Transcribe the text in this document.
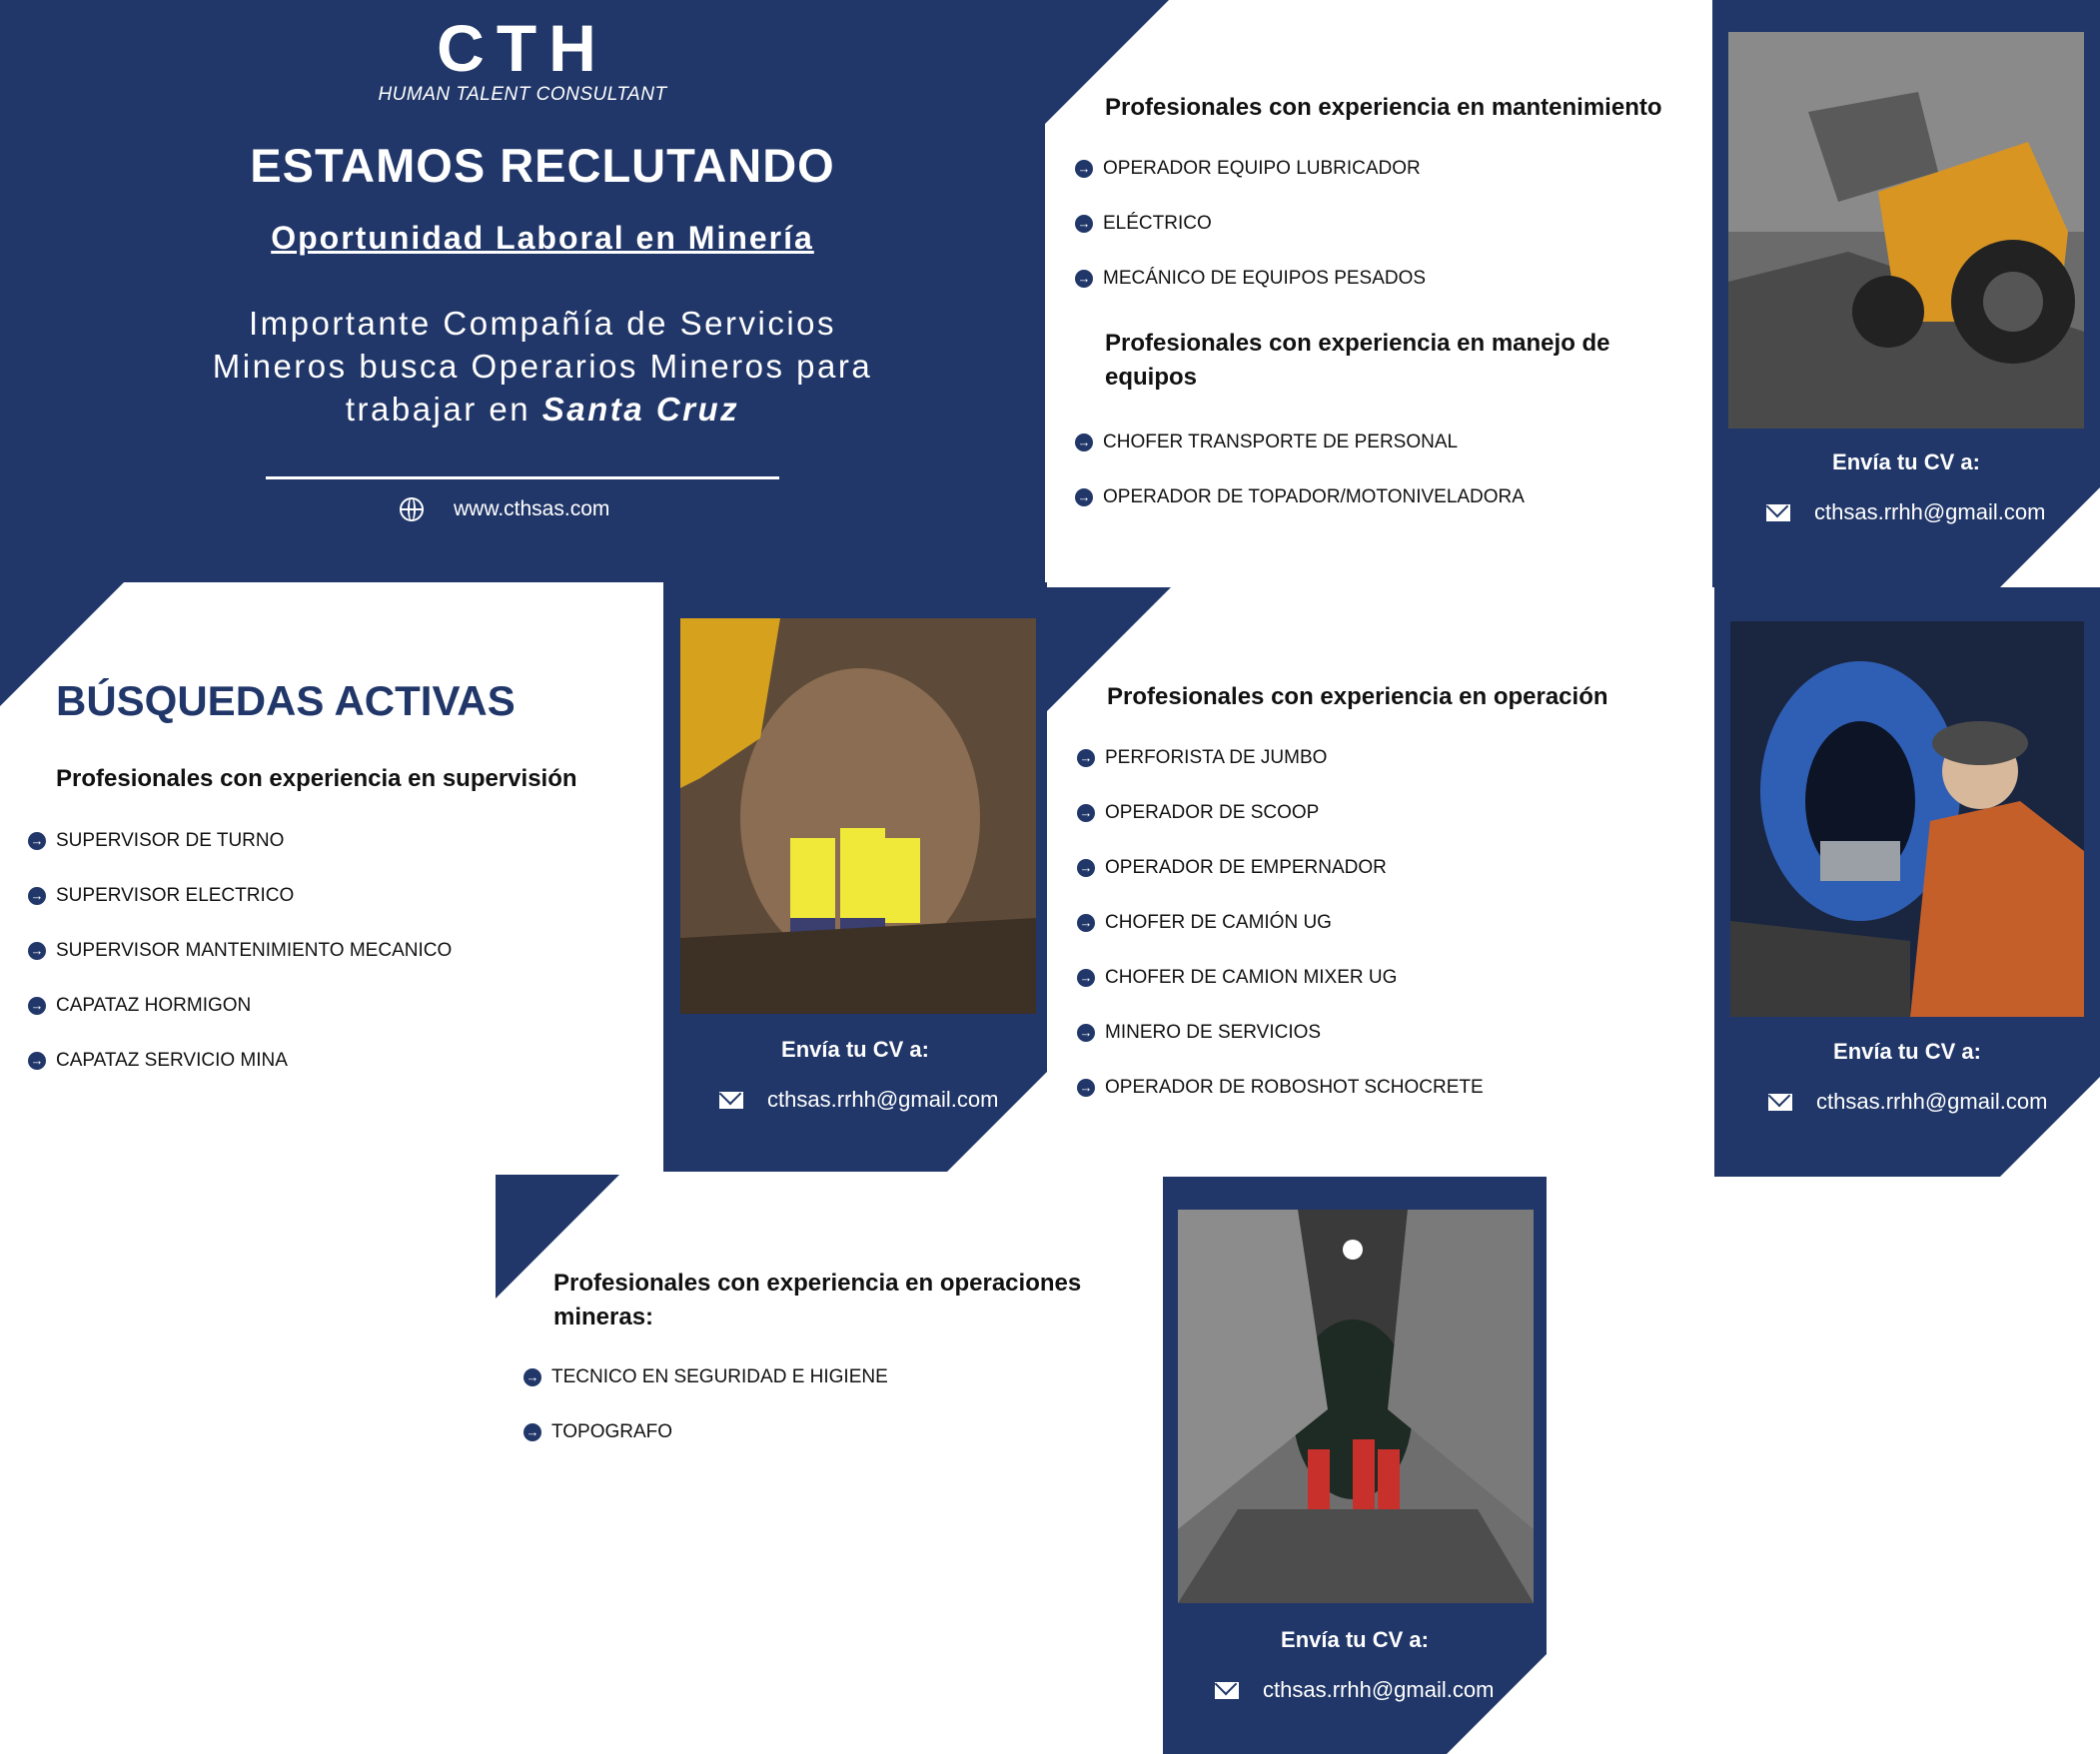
CTH
HUMAN TALENT CONSULTANT
ESTAMOS RECLUTANDO
Oportunidad Laboral en Minería
Importante Compañía de Servicios Mineros busca Operarios Mineros para trabajar en Santa Cruz
www.cthsas.com
Profesionales con experiencia en mantenimiento
→ OPERADOR EQUIPO LUBRICADOR
→ ELÉCTRICO
→ MECÁNICO DE EQUIPOS PESADOS
Profesionales con experiencia en manejo de equipos
→ CHOFER TRANSPORTE DE PERSONAL
→ OPERADOR DE TOPADOR/MOTONIVELADORA
Envía tu CV a:
cthsas.rrhh@gmail.com
BÚSQUEDAS ACTIVAS
Profesionales con experiencia en supervisión
→ SUPERVISOR DE TURNO
→ SUPERVISOR ELECTRICO
→ SUPERVISOR MANTENIMIENTO MECANICO
→ CAPATAZ HORMIGON
→ CAPATAZ SERVICIO MINA	Envía tu CV a:
cthsas.rrhh@gmail.com
Profesionales con experiencia en operación
→ PERFORISTA DE JUMBO
→ OPERADOR DE SCOOP
→ OPERADOR DE EMPERNADOR
→ CHOFER DE CAMIÓN UG
→ CHOFER DE CAMION MIXER UG
→ MINERO DE SERVICIOS
→ OPERADOR DE ROBOSHOT SCHOCRETE
Envía tu CV a:
cthsas.rrhh@gmail.com
Profesionales con experiencia en operaciones mineras:
→ TECNICO EN SEGURIDAD E HIGIENE
→ TOPOGRAFO
Envía tu CV a:
cthsas.rrhh@gmail.com
